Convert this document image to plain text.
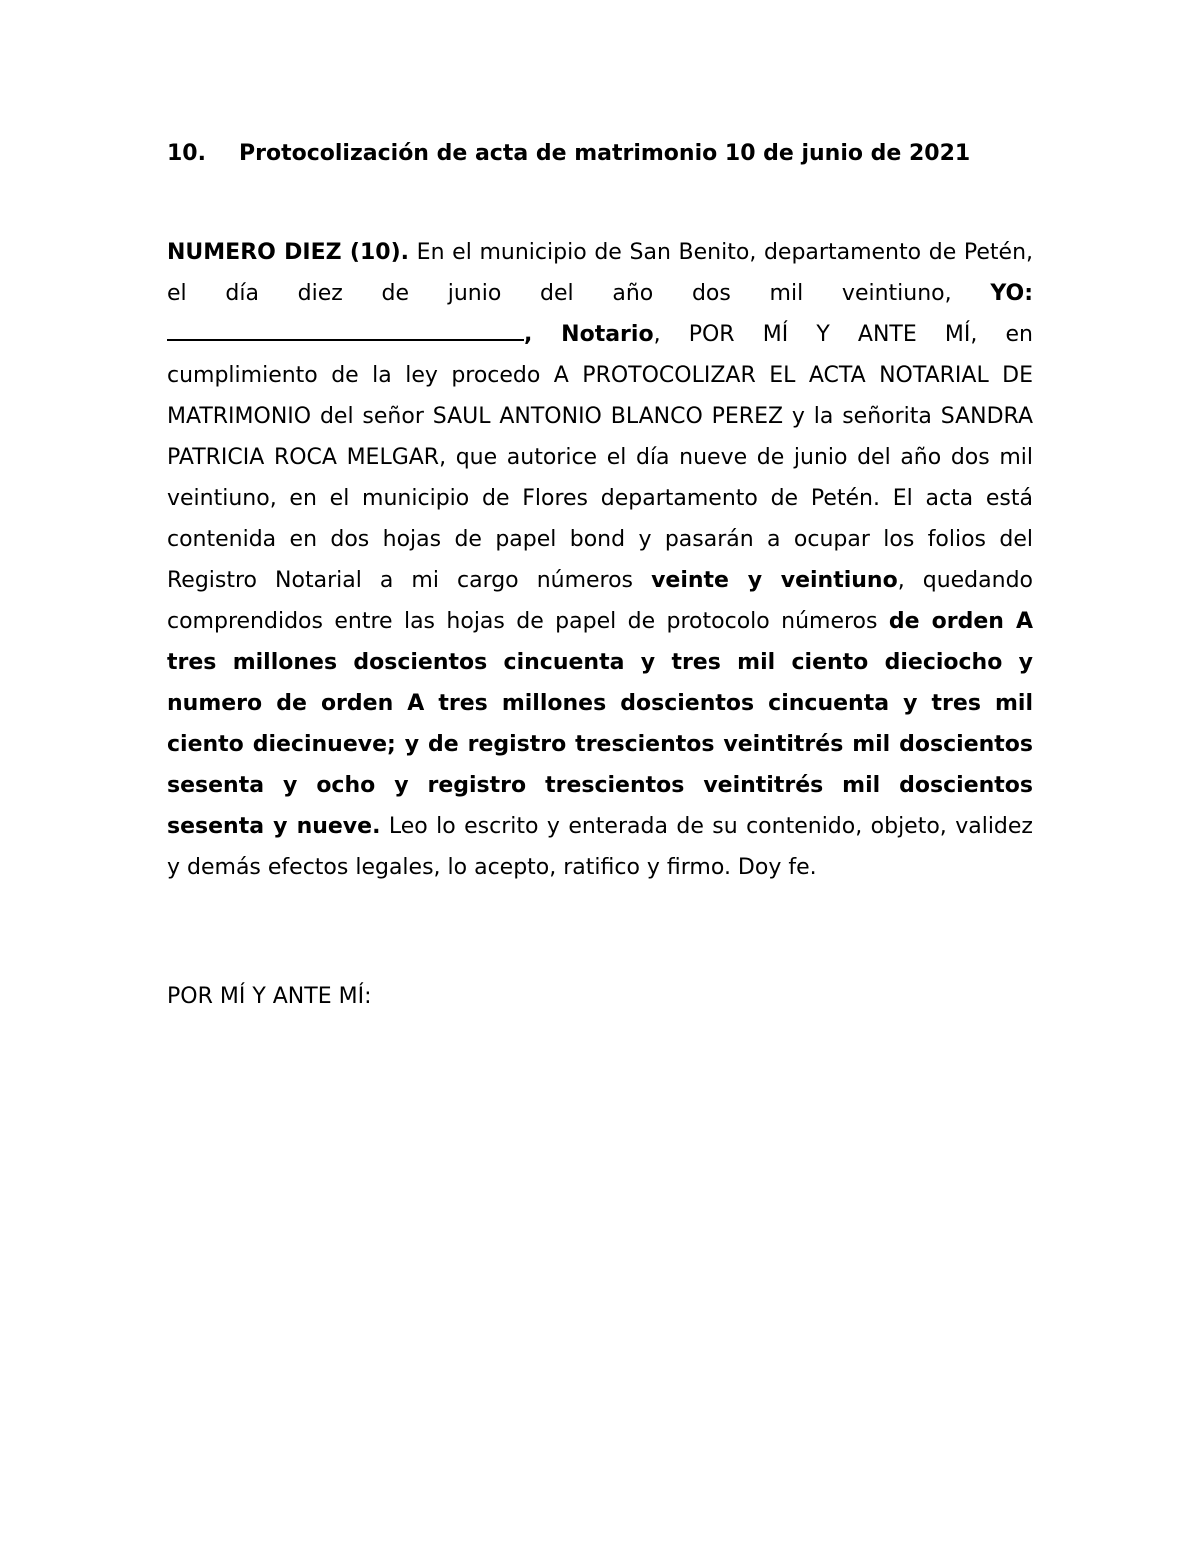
10. Protocolización de acta de matrimonio 10 de junio de 2021

NUMERO DIEZ (10). En el municipio de San Benito, departamento de Petén, el día diez de junio del año dos mil veintiuno, YO: , Notario, POR MÍ Y ANTE MÍ, en cumplimiento de la ley procedo A PROTOCOLIZAR EL ACTA NOTARIAL DE MATRIMONIO del señor SAUL ANTONIO BLANCO PEREZ y la señorita SANDRA PATRICIA ROCA MELGAR, que autorice el día nueve de junio del año dos mil veintiuno, en el municipio de Flores departamento de Petén. El acta está contenida en dos hojas de papel bond y pasarán a ocupar los folios del Registro Notarial a mi cargo números veinte y veintiuno, quedando comprendidos entre las hojas de papel de protocolo números de orden A tres millones doscientos cincuenta y tres mil ciento dieciocho y numero de orden A tres millones doscientos cincuenta y tres mil ciento diecinueve; y de registro trescientos veintitrés mil doscientos sesenta y ocho y registro trescientos veintitrés mil doscientos sesenta y nueve. Leo lo escrito y enterada de su contenido, objeto, validez y demás efectos legales, lo acepto, ratifico y firmo. Doy fe.

POR MÍ Y ANTE MÍ:
